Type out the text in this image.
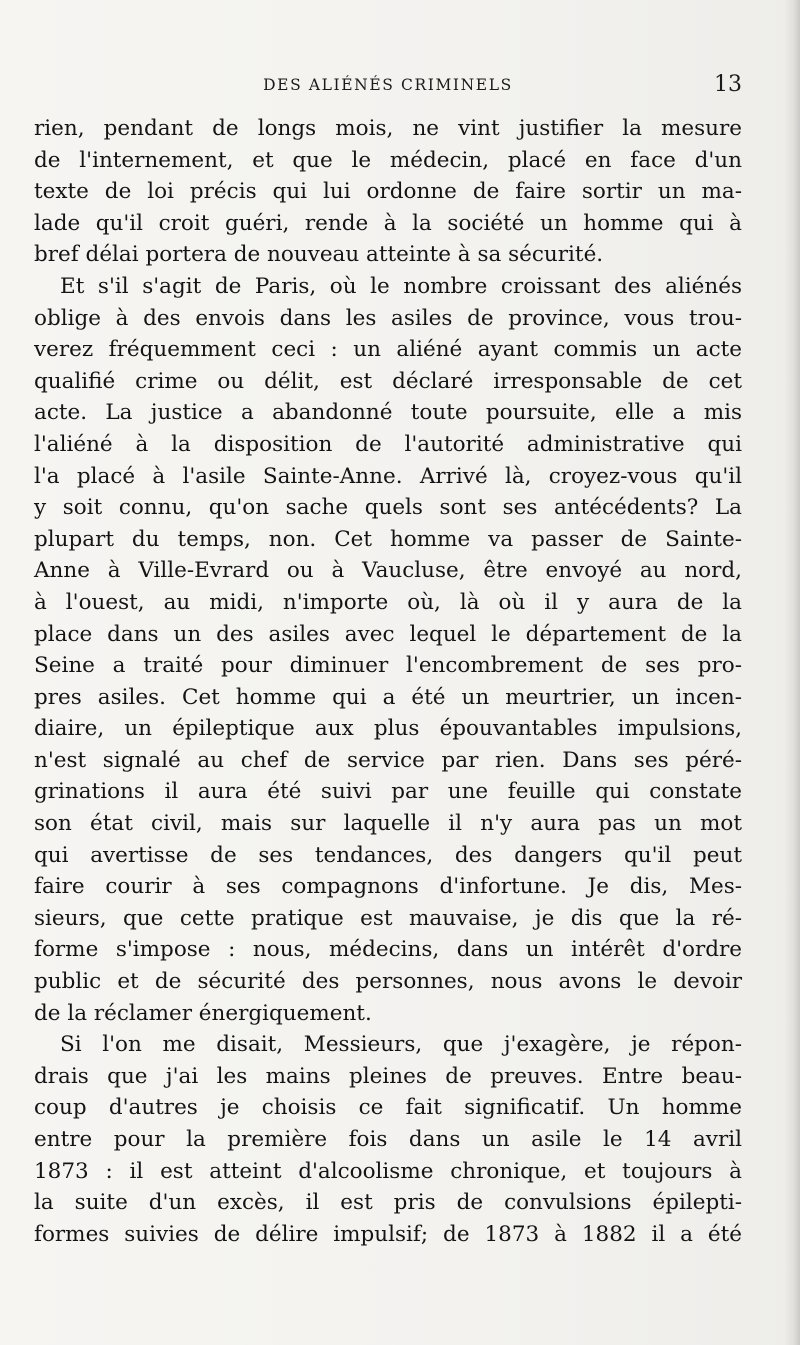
DES ALIÉNÉS CRIMINELS	13
rien, pendant de longs mois, ne vint justifier la mesure
de l'internement, et que le médecin, placé en face d'un
texte de loi précis qui lui ordonne de faire sortir un ma-
lade qu'il croit guéri, rende à la société un homme qui à
bref délai portera de nouveau atteinte à sa sécurité.
Et s'il s'agit de Paris, où le nombre croissant des aliénés
oblige à des envois dans les asiles de province, vous trou-
verez fréquemment ceci : un aliéné ayant commis un acte
qualifié crime ou délit, est déclaré irresponsable de cet
acte. La justice a abandonné toute poursuite, elle a mis
l'aliéné à la disposition de l'autorité administrative qui
l'a placé à l'asile Sainte-Anne. Arrivé là, croyez-vous qu'il
y soit connu, qu'on sache quels sont ses antécédents? La
plupart du temps, non. Cet homme va passer de Sainte-
Anne à Ville-Evrard ou à Vaucluse, être envoyé au nord,
à l'ouest, au midi, n'importe où, là où il y aura de la
place dans un des asiles avec lequel le département de la
Seine a traité pour diminuer l'encombrement de ses pro-
pres asiles. Cet homme qui a été un meurtrier, un incen-
diaire, un épileptique aux plus épouvantables impulsions,
n'est signalé au chef de service par rien. Dans ses péré-
grinations il aura été suivi par une feuille qui constate
son état civil, mais sur laquelle il n'y aura pas un mot
qui avertisse de ses tendances, des dangers qu'il peut
faire courir à ses compagnons d'infortune. Je dis, Mes-
sieurs, que cette pratique est mauvaise, je dis que la ré-
forme s'impose : nous, médecins, dans un intérêt d'ordre
public et de sécurité des personnes, nous avons le devoir
de la réclamer énergiquement.
Si l'on me disait, Messieurs, que j'exagère, je répon-
drais que j'ai les mains pleines de preuves. Entre beau-
coup d'autres je choisis ce fait significatif. Un homme
entre pour la première fois dans un asile le 14 avril
1873 : il est atteint d'alcoolisme chronique, et toujours à
la suite d'un excès, il est pris de convulsions épilepti-
formes suivies de délire impulsif; de 1873 à 1882 il a été
